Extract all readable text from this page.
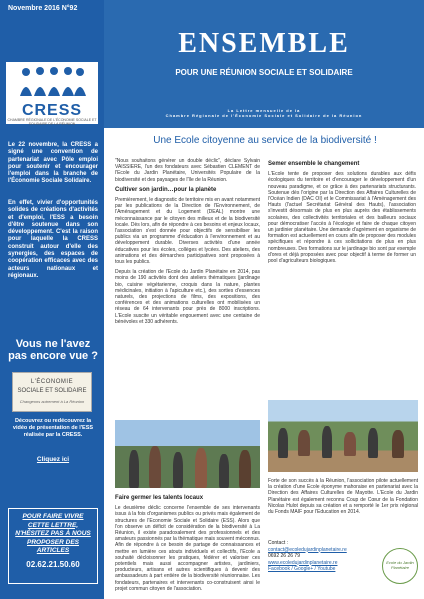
Novembre 2016 N°92
CRESS
CHAMBRE RÉGIONALE DE L'ÉCONOMIE SOCIALE ET SOLIDAIRE DE LA RÉUNION
Le 22 novembre, la CRESS a signé une convention de partenariat avec Pôle emploi pour soutenir et encourager l'emploi dans la branche de l'Économie Sociale Solidaire.
En effet, vivier d'opportunités solides de créations d'activités et d'emploi, l'ESS a besoin d'être soutenue dans son développement. C'est la raison pour laquelle la CRESS construit autour d'elle des synergies, des espaces de coopération efficaces avec des acteurs nationaux et régionaux.
Vous ne l'avez pas encore vue ?
L'ÉCONOMIE
SOCIALE ET SOLIDAIRE
Changeons autrement à La Réunion
Découvrez ou redécouvrez la vidéo de présentation de l'ESS réalisée par la CRESS.
Cliquez ici
POUR FAIRE VIVRE CETTE LETTRE, N'HÉSITEZ PAS À NOUS PROPOSER DES ARTICLES
02.62.21.50.60
ENSEMBLE
POUR UNE RÉUNION SOCIALE ET SOLIDAIRE
La Lettre mensuelle de la
Chambre Régionale de l'Économie Sociale et Solidaire de la Réunion
Une Ecole citoyenne au service de la biodiversité !

"Nous souhaitons générer un double déclic", déclare Sylvain VAISSIERE, l'un des fondateurs avec Sébastien CLEMENT de l'Ecole du Jardin Planétaire, Universités Populaire de la biodiversité et des paysages de l'île de la Réunion.

Cultiver son jardin…pour la planète

Premièrement, le diagnostic de territoire mis en avant notamment par les publications de la Direction de l'Environnement, de l'Aménagement et du Logement (DEAL) montre une méconnaissance par le citoyen des milieux et de la biodiversité locale. Dès lors, afin de répondre à ces besoins et enjeux locaux, l'association s'est donnée pour objectifs de sensibiliser les publics via un programme d'éducation à l'environnement et au développement durable. Diverses activités d'une année éducatives pour les écoles, collèges et lycées. Des ateliers, des animations et des démarches participatives sont proposées à tous les publics.

Depuis la création de l'Ecole du Jardin Planétaire en 2014, pas moins de 190 activités dont des ateliers thématiques (jardinage bio, cuisine végétarienne, croquis dans la nature, plantes médicinales, initiation à l'apiculture etc.), des sorties d'essences naturels, des projections de films, des expositions, des conférences et des animations culturelles ont mobilisées un réseau de 64 intervenants pour près de 8000 inscriptions. L'Ecole suscite un véritable engouement avec une centaine de bénévoles et 330 adhérents.

Faire germer les talents locaux

Le deuxième déclic concerne l'ensemble de ses intervenants issus à la fois d'organismes publics ou privés mais également de structures de l'Economie Sociale et Solidaire (ESS). Alors que l'on observe un déficit de considération de la biodiversité à La Réunion, il existe paradoxalement des professionnels et des amateurs passionnés par la thématique mais souvent méconnus. Afin de répondre à ce besoin de partage de connaissances et mettre en lumière ces atouts individuels et collectifs, l'Ecole a souhaité décloisonner les pratiques, fédérer et valoriser ces potentiels mais aussi accompagner artistes, jardiniers, producteurs, artisans et autres scientifiques à devenir des ambassadeurs à part entière de la biodiversité réunionnaise. Les fondateurs, partenaires et intervenants co-construisent ainsi le projet commun citoyen de l'association.

Semer ensemble le changement

L'Ecole tente de proposer des solutions durables aux défis écologiques du territoire et d'encourager le développement d'un nouveau paradigme, et ce grâce à des partenariats structurants. Soutenue dès l'origine par la Direction des Affaires Culturelles de l'Océan Indien (DAC OI) et le Commissariat à l'Aménagement des Hauts (l'actuel Secrétariat Général des Hauts), l'association s'investit désormais de plus en plus auprès des établissements scolaires, des collectivités territoriales et des bailleurs sociaux pour démocratiser l'accès à l'écologie et faire de chaque citoyen un jardinier planétaire. Une demande d'agrément en organisme de formation est actuellement en cours afin de proposer des modules spécifiques et répondre à ces sollicitations de plus en plus nombreuses. Des formations sur le jardinage bio sont par exemple d'ores et déjà proposées avec pour objectif à terme de former un pool d'agriculteurs biologiques.

Forte de son succès à la Réunion, l'association pilote actuellement la création d'une Ecole éponyme mahoraise en partenariat avec la Direction des Affaires Culturelles de Mayotte. L'Ecole du Jardin Planétaire est également reconnu Coup de Cœur de la Fondation Nicolas Hulot depuis sa création et a remporté le 1er prix régional du Fonds MAIF pour l'Education en 2014.

Contact :
contact@ecoledujardinplanetaire.re
0692 26 26 79
www.ecoledujardinplanetaire.re
Facebook / Google+ / Youtube
Ecole du Jardin Planétaire
